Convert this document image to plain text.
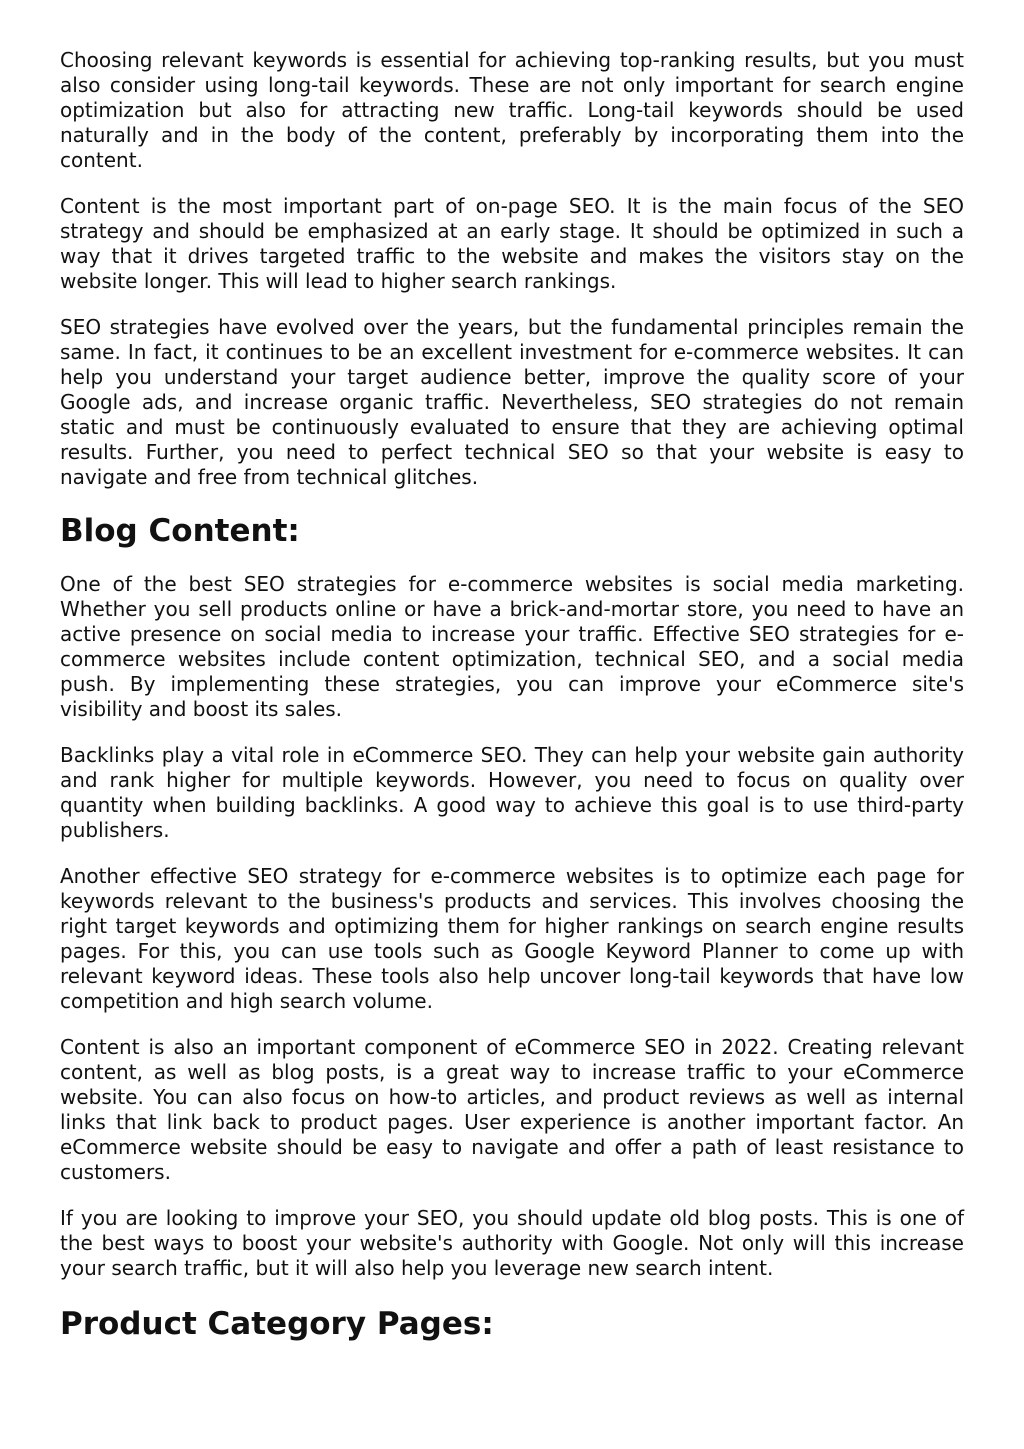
Choosing relevant keywords is essential for achieving top-ranking results, but you must also consider using long-tail keywords. These are not only important for search engine optimization but also for attracting new traffic. Long-tail keywords should be used naturally and in the body of the content, preferably by incorporating them into the content.

Content is the most important part of on-page SEO. It is the main focus of the SEO strategy and should be emphasized at an early stage. It should be optimized in such a way that it drives targeted traffic to the website and makes the visitors stay on the website longer. This will lead to higher search rankings.

SEO strategies have evolved over the years, but the fundamental principles remain the same. In fact, it continues to be an excellent investment for e-commerce websites. It can help you understand your target audience better, improve the quality score of your Google ads, and increase organic traffic. Nevertheless, SEO strategies do not remain static and must be continuously evaluated to ensure that they are achieving optimal results. Further, you need to perfect technical SEO so that your website is easy to navigate and free from technical glitches.

Blog Content:

One of the best SEO strategies for e-commerce websites is social media marketing. Whether you sell products online or have a brick-and-mortar store, you need to have an active presence on social media to increase your traffic. Effective SEO strategies for e-commerce websites include content optimization, technical SEO, and a social media push. By implementing these strategies, you can improve your eCommerce site's visibility and boost its sales.

Backlinks play a vital role in eCommerce SEO. They can help your website gain authority and rank higher for multiple keywords. However, you need to focus on quality over quantity when building backlinks. A good way to achieve this goal is to use third-party publishers.

Another effective SEO strategy for e-commerce websites is to optimize each page for keywords relevant to the business's products and services. This involves choosing the right target keywords and optimizing them for higher rankings on search engine results pages. For this, you can use tools such as Google Keyword Planner to come up with relevant keyword ideas. These tools also help uncover long-tail keywords that have low competition and high search volume.

Content is also an important component of eCommerce SEO in 2022. Creating relevant content, as well as blog posts, is a great way to increase traffic to your eCommerce website. You can also focus on how-to articles, and product reviews as well as internal links that link back to product pages. User experience is another important factor. An eCommerce website should be easy to navigate and offer a path of least resistance to customers.

If you are looking to improve your SEO, you should update old blog posts. This is one of the best ways to boost your website's authority with Google. Not only will this increase your search traffic, but it will also help you leverage new search intent.

Product Category Pages:
